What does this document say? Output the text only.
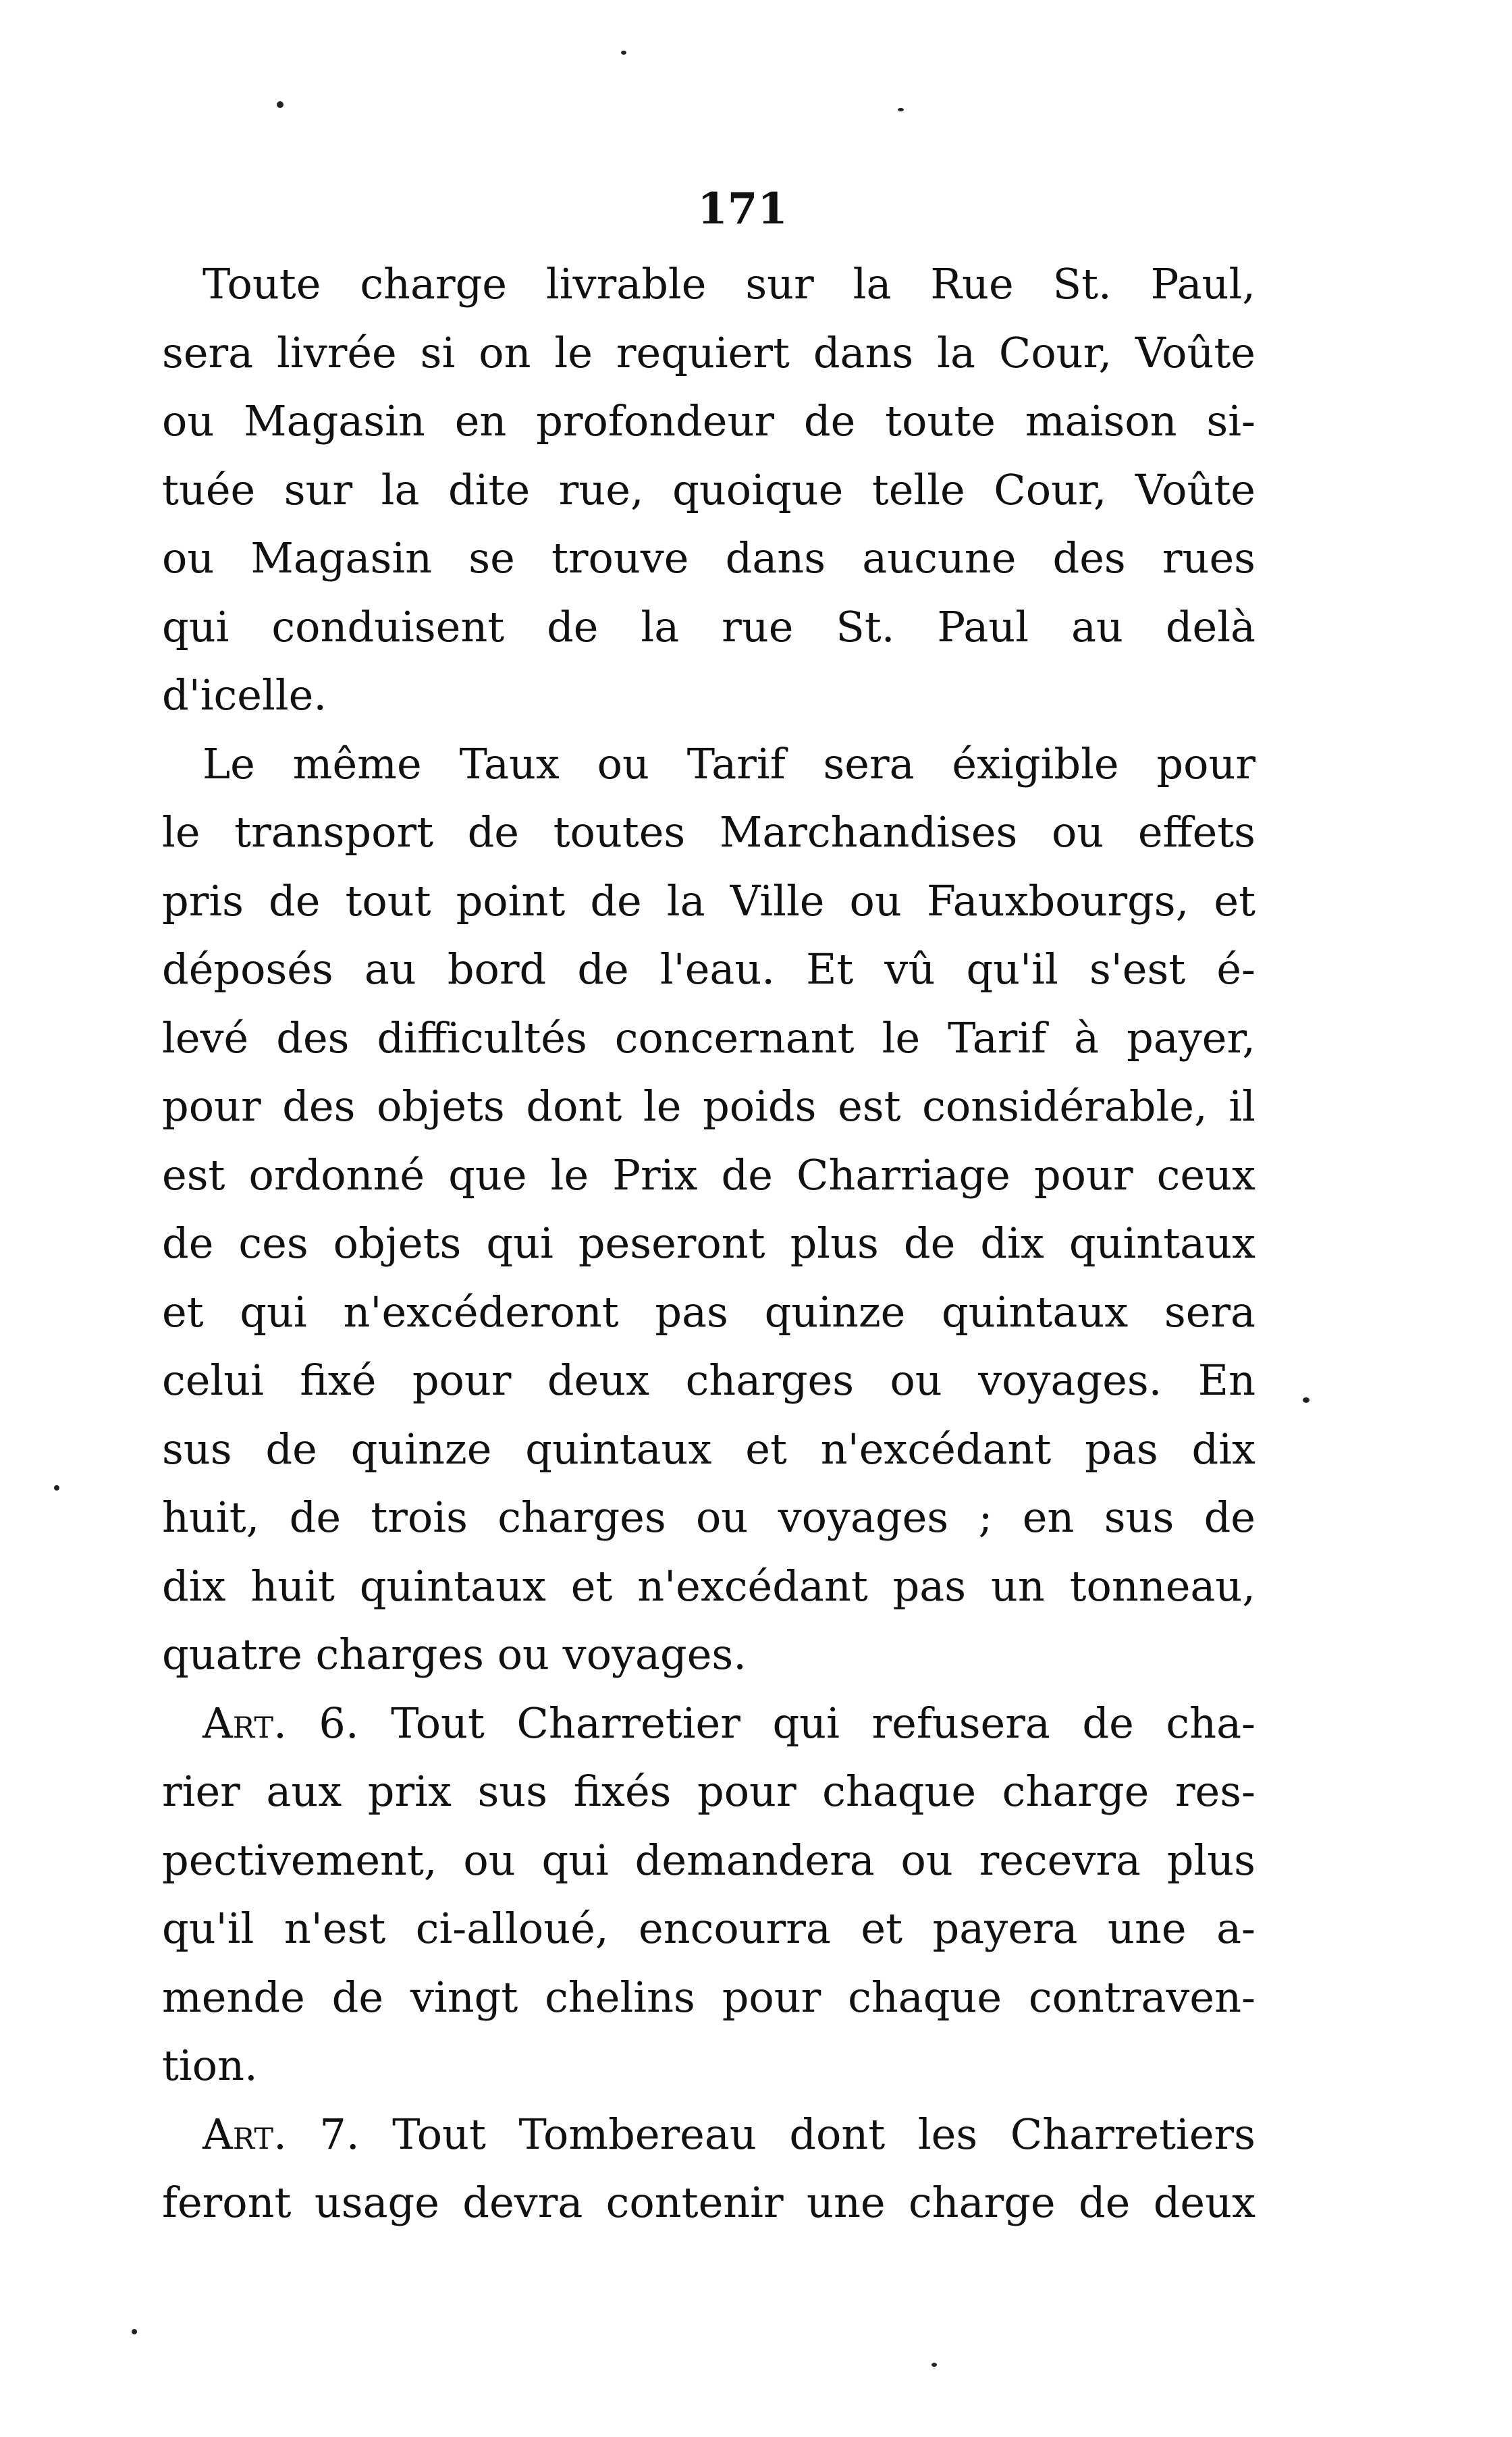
171
Toute charge livrable sur la Rue St. Paul,
sera livrée si on le requiert dans la Cour, Voûte
ou Magasin en profondeur de toute maison si-
tuée sur la dite rue, quoique telle Cour, Voûte
ou Magasin se trouve dans aucune des rues
qui conduisent de la rue St. Paul au delà
d'icelle.
Le même Taux ou Tarif sera éxigible pour
le transport de toutes Marchandises ou effets
pris de tout point de la Ville ou Fauxbourgs, et
déposés au bord de l'eau. Et vû qu'il s'est é-
levé des difficultés concernant le Tarif à payer,
pour des objets dont le poids est considérable, il
est ordonné que le Prix de Charriage pour ceux
de ces objets qui peseront plus de dix quintaux
et qui n'excéderont pas quinze quintaux sera
celui fixé pour deux charges ou voyages. En
sus de quinze quintaux et n'excédant pas dix
huit, de trois charges ou voyages ; en sus de
dix huit quintaux et n'excédant pas un tonneau,
quatre charges ou voyages.
Art. 6. Tout Charretier qui refusera de cha-
rier aux prix sus fixés pour chaque charge res-
pectivement, ou qui demandera ou recevra plus
qu'il n'est ci-alloué, encourra et payera une a-
mende de vingt chelins pour chaque contraven-
tion.
Art. 7. Tout Tombereau dont les Charretiers
feront usage devra contenir une charge de deux
